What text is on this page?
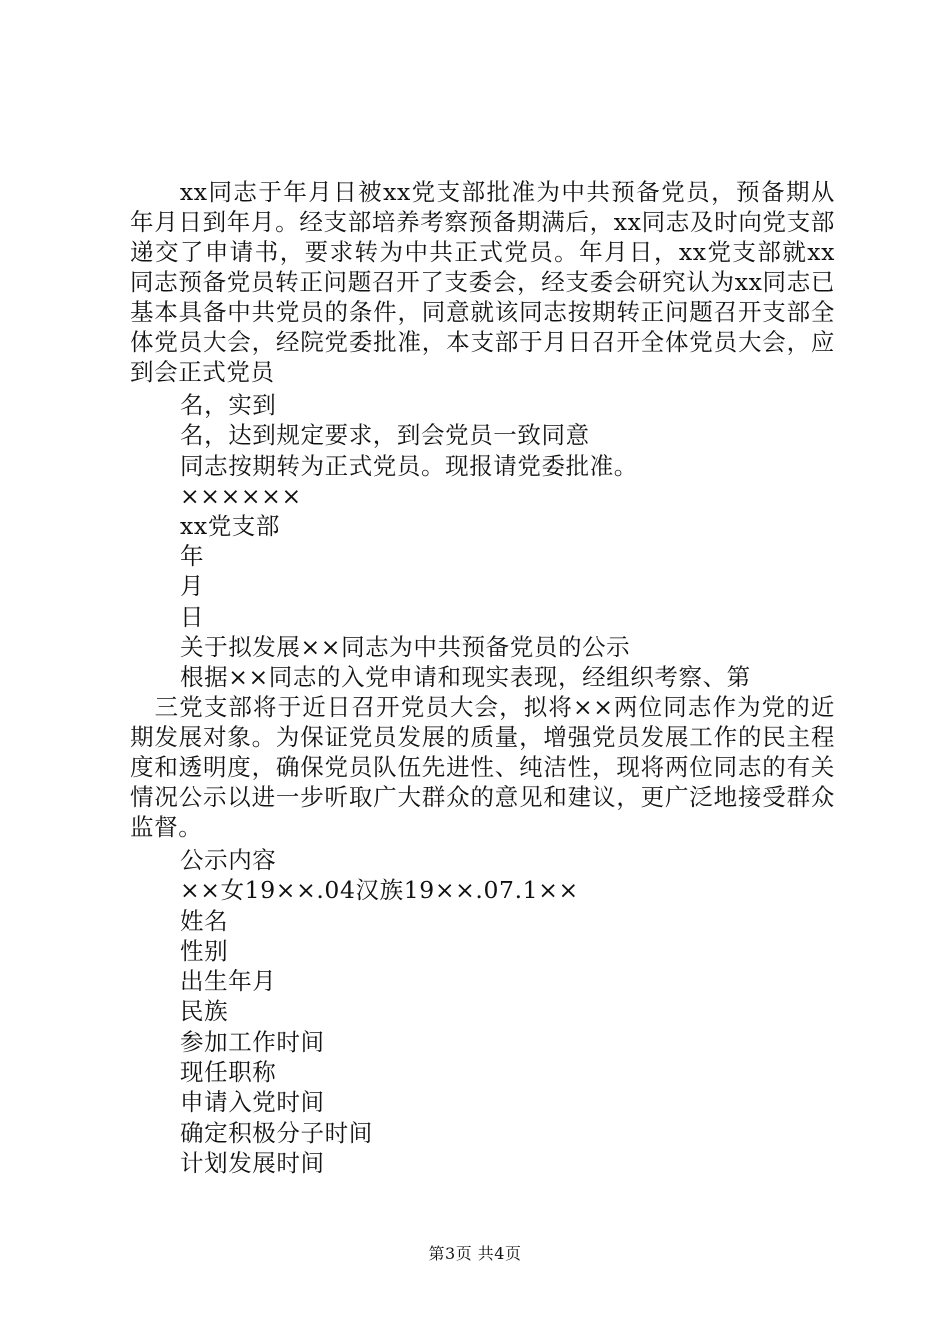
　　xx同志于年月日被xx党支部批准为中共预备党员，预备期从年月日到年月。经支部培养考察预备期满后，xx同志及时向党支部递交了申请书，要求转为中共正式党员。年月日，xx党支部就xx同志预备党员转正问题召开了支委会，经支委会研究认为xx同志已基本具备中共党员的条件，同意就该同志按期转正问题召开支部全体党员大会，经院党委批准，本支部于月日召开全体党员大会，应到会正式党员
名，实到
名，达到规定要求，到会党员一致同意
同志按期转为正式党员。现报请党委批准。
××××××
xx党支部
年
月
日
关于拟发展××同志为中共预备党员的公示
根据××同志的入党申请和现实表现，经组织考察、第
　三党支部将于近日召开党员大会，拟将××两位同志作为党的近期发展对象。为保证党员发展的质量，增强党员发展工作的民主程度和透明度，确保党员队伍先进性、纯洁性，现将两位同志的有关情况公示以进一步听取广大群众的意见和建议，更广泛地接受群众监督。
公示内容
××女19××.04汉族19××.07.1××
姓名
性别
出生年月
民族
参加工作时间
现任职称
申请入党时间
确定积极分子时间
计划发展时间
第3页 共4页
